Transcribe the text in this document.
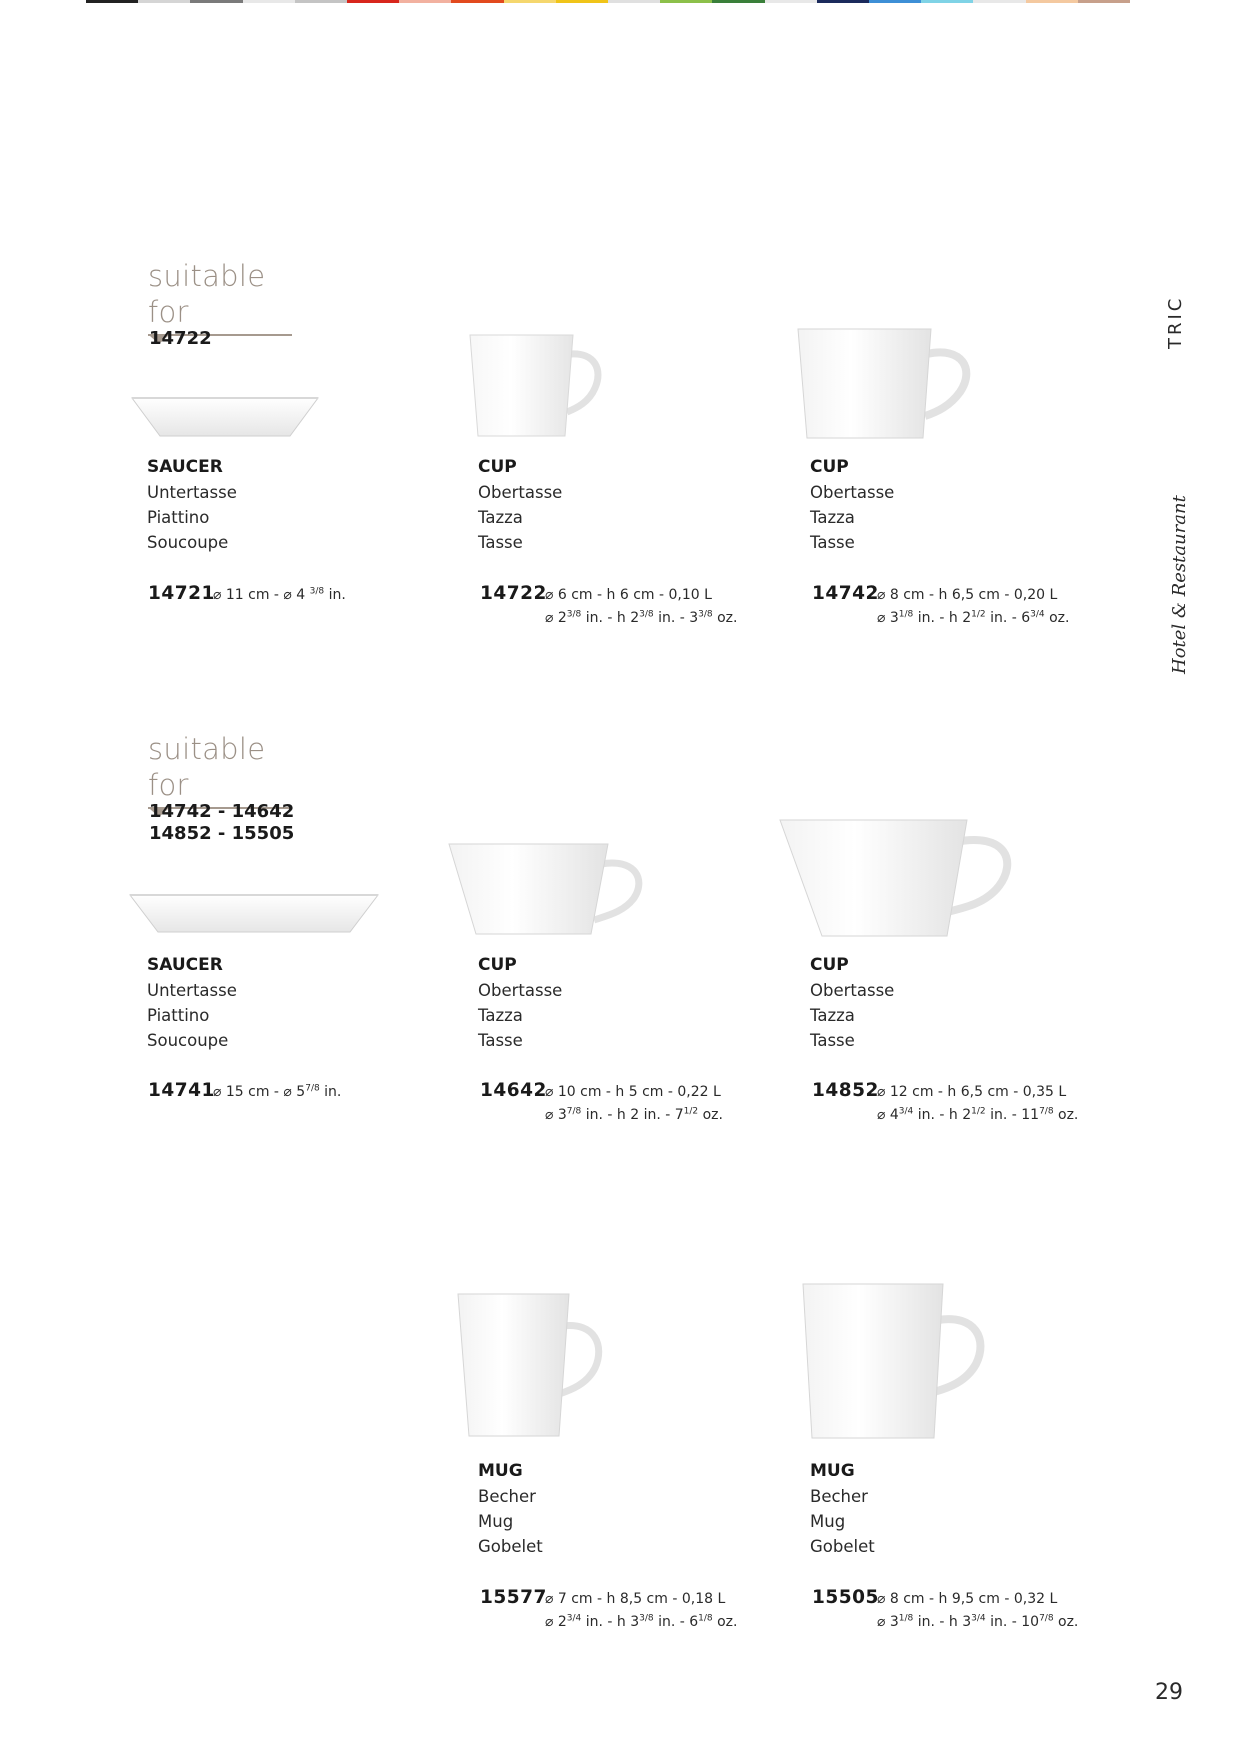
suitable for
14722
SAUCER
Untertasse
Piattino
Soucoupe
CUP
Obertasse
Tazza
Tasse
CUP
Obertasse
Tazza
Tasse
14721⌀ 11 cm - ⌀ 4 $^{3/8}$ in.	14722⌀ 6 cm - h 6 cm - 0,10 L
⌀ $2^{3/8}$ in. - h $2^{3/8}$ in. - $3^{3/8}$ oz.
14742⌀ 8 cm - h 6,5 cm - 0,20 L
⌀ $3^{1/8}$ in. - h $2^{1/2}$ in. - $6^{3/4}$ oz.
suitable for
14742 - 14642
14852 - 15505
SAUCER
Untertasse
Piattino
Soucoupe
CUP
Obertasse
Tazza
Tasse
CUP
Obertasse
Tazza
Tasse
14741⌀ 15 cm - ⌀ $5^{7/8}$ in.	14642⌀ 10 cm - h 5 cm - 0,22 L
⌀ $3^{7/8}$ in. - h 2 in. - $7^{1/2}$ oz.
14852⌀ 12 cm - h 6,5 cm - 0,35 L
⌀ $4^{3/4}$ in. - h $2^{1/2}$ in. - $11^{7/8}$ oz.
MUG
Becher
Mug
Gobelet
MUG
Becher
Mug
Gobelet
15577⌀ 7 cm - h 8,5 cm - 0,18 L
⌀ $2^{3/4}$ in. - h $3^{3/8}$ in. - $6^{1/8}$ oz.
15505⌀ 8 cm - h 9,5 cm - 0,32 L
⌀ $3^{1/8}$ in. - h $3^{3/4}$ in. - $10^{7/8}$ oz.
TRIC
Hotel & Restaurant
29
